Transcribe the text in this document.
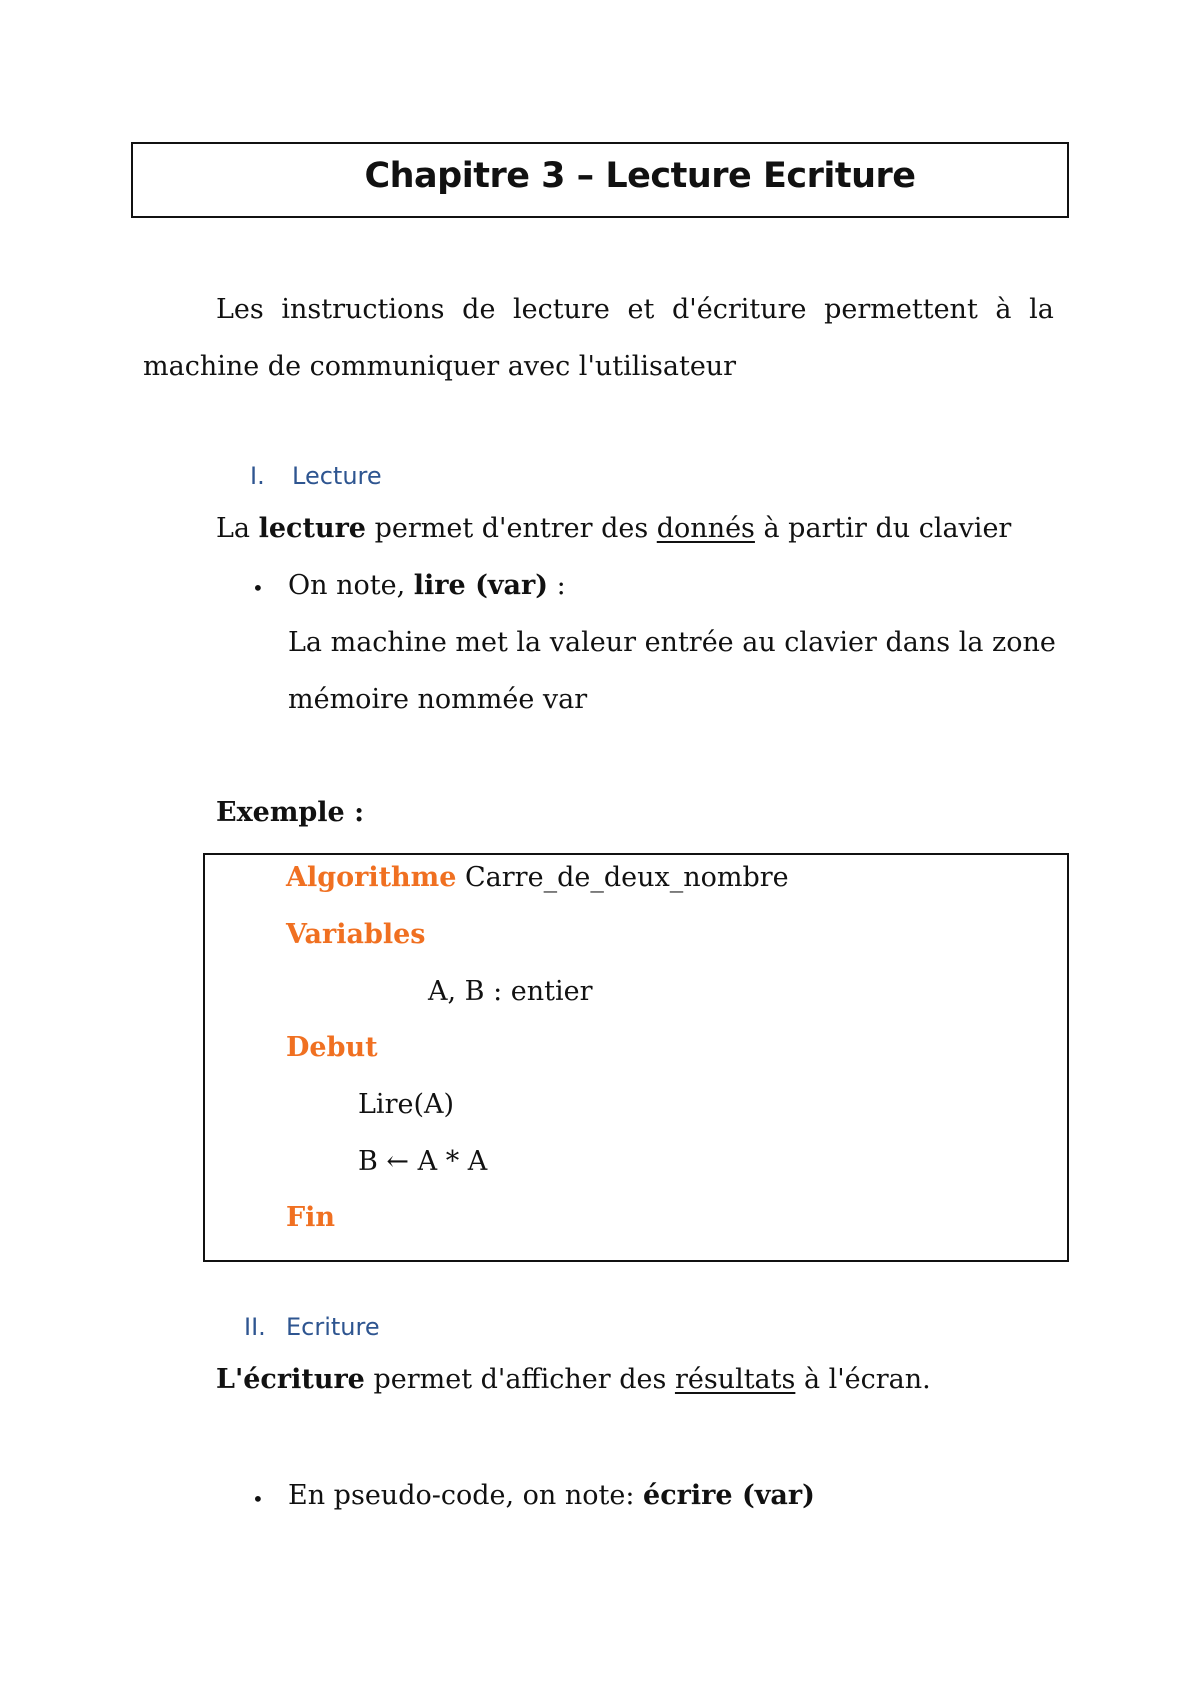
Chapitre 3 – Lecture Ecriture
Les instructions de lecture et d'écriture permettent à la
machine de communiquer avec l'utilisateur
I. Lecture
La lecture permet d'entrer des donnés à partir du clavier
• On note, lire (var) :
La machine met la valeur entrée au clavier dans la zone
mémoire nommée var
Exemple :
Algorithme Carre_de_deux_nombre
Variables
A, B : entier
Debut
Lire(A)
B ← A * A
Fin
II. Ecriture
L'écriture permet d'afficher des résultats à l'écran.
• En pseudo-code, on note: écrire (var)
